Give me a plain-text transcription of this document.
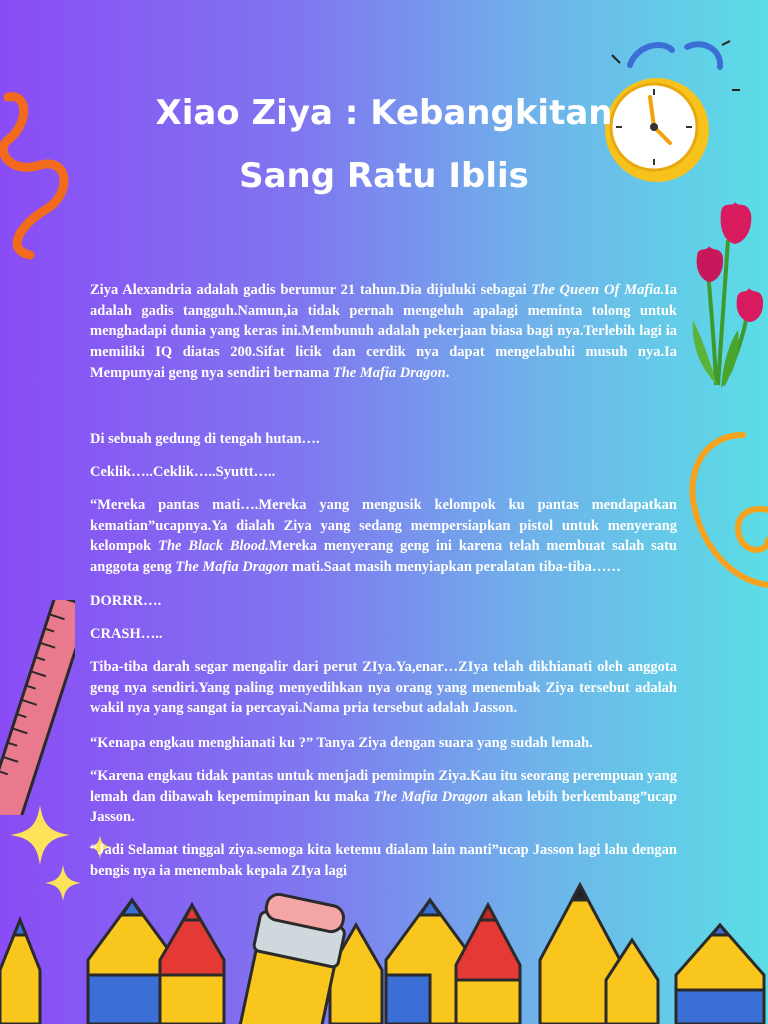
Xiao Ziya : Kebangkitan
Sang Ratu Iblis

Ziya Alexandria adalah gadis berumur 21 tahun.Dia dijuluki sebagai The Queen Of Mafia.Ia adalah gadis tangguh.Namun,ia tidak pernah mengeluh apalagi meminta tolong untuk menghadapi dunia yang keras ini.Membunuh adalah pekerjaan biasa bagi nya.Terlebih lagi ia memiliki IQ diatas 200.Sifat licik dan cerdik nya dapat mengelabuhi musuh nya.Ia Mempunyai geng nya sendiri bernama The Mafia Dragon.

Di sebuah gedung di tengah hutan….

Ceklik…..Ceklik…..Syuttt…..

“Mereka pantas mati….Mereka yang mengusik kelompok ku pantas mendapatkan kematian”ucapnya.Ya dialah Ziya yang sedang mempersiapkan pistol untuk menyerang kelompok The Black Blood.Mereka menyerang geng ini karena telah membuat salah satu anggota geng The Mafia Dragon mati.Saat masih menyiapkan peralatan tiba-tiba……

DORRR….

CRASH…..

Tiba-tiba darah segar mengalir dari perut ZIya.Ya,enar…ZIya telah dikhianati oleh anggota geng nya sendiri.Yang paling menyedihkan nya orang yang menembak Ziya tersebut adalah wakil nya yang sangat ia percayai.Nama pria tersebut adalah Jasson.

“Kenapa engkau menghianati ku ?” Tanya Ziya dengan suara yang sudah lemah.

“Karena engkau tidak pantas untuk menjadi pemimpin Ziya.Kau itu seorang perempuan yang lemah dan dibawah kepemimpinan ku maka The Mafia Dragon akan lebih berkembang”ucap Jasson.

“Jadi Selamat tinggal ziya.semoga kita ketemu dialam lain nanti”ucap Jasson lagi lalu dengan bengis nya ia menembak kepala ZIya lagi
